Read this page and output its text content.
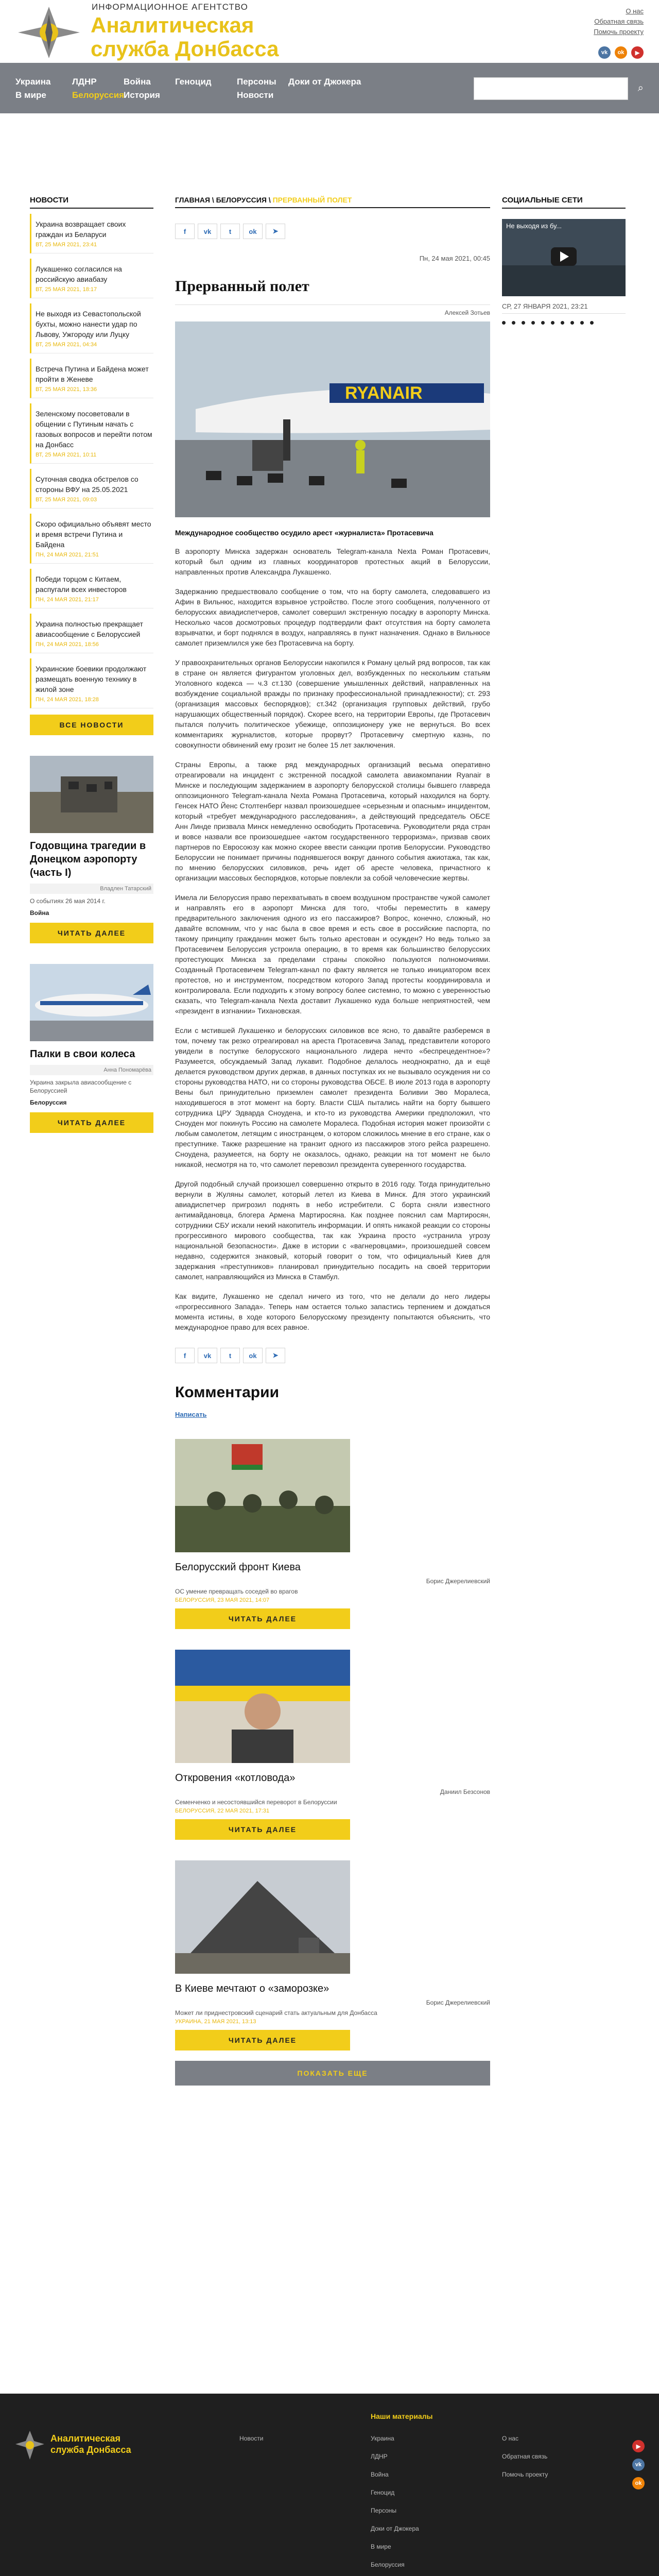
ИНФОРМАЦИОННОЕ АГЕНТСТВО
Аналитическая
служба Донбасса
О нас
Обратная связь
Помочь проекту
vk	ok	▶
Украина	ЛДНР	Война	Геноцид	Персоны	Доки от Джокера
В мире	Белоруссия
История	Новости
⌕
НОВОСТИ
Украина возвращает своих граждан из Беларуси
ВТ, 25 МАЯ 2021, 23:41
Лукашенко согласился на российскую авиабазу
ВТ, 25 МАЯ 2021, 18:17
Не выходя из Севастопольской бухты, можно нанести удар по Львову, Ужгороду или Луцку
ВТ, 25 МАЯ 2021, 04:34
Встреча Путина и Байдена может пройти в Женеве
ВТ, 25 МАЯ 2021, 13:36
Зеленскому посоветовали в общении с Путиным начать с газовых вопросов и перейти потом на Донбасс
ВТ, 25 МАЯ 2021, 10:11
Суточная сводка обстрелов со стороны ВФУ на 25.05.2021
ВТ, 25 МАЯ 2021, 09:03
Скоро официально объявят место и время встречи Путина и Байдена
ПН, 24 МАЯ 2021, 21:51
Победи торцом с Китаем, распугали всех инвесторов
ПН, 24 МАЯ 2021, 21:17
Украина полностью прекращает авиасообщение с Белоруссией
ПН, 24 МАЯ 2021, 18:56
Украинские боевики продолжают размещать военную технику в жилой зоне
ПН, 24 МАЯ 2021, 18:28
ВСЕ НОВОСТИ
Годовщина трагедии в Донецком аэропорту (часть I)
Владлен Татарский
О событиях 26 мая 2014 г.
Война
ЧИТАТЬ ДАЛЕЕ
Палки в свои колеса
Анна Пономарёва
Украина закрыла авиасообщение с Белоруссией
Белоруссия
ЧИТАТЬ ДАЛЕЕ
ГЛАВНАЯ \ БЕЛОРУССИЯ \ ПРЕРВАННЫЙ ПОЛЕТ
f	vk	t	ok	➤
Пн, 24 мая 2021, 00:45
Прерванный полет
Алексей Зотьев
RYANAIR
Международное сообщество осудило арест «журналиста» Протасевича

В аэропорту Минска задержан основатель Telegram-канала Nexta Роман Протасевич, который был одним из главных координаторов протестных акций в Белоруссии, направленных против Александра Лукашенко.

Задержанию предшествовало сообщение о том, что на борту самолета, следовавшего из Афин в Вильнюс, находится взрывное устройство. После этого сообщения, полученного от белорусских авиадиспетчеров, самолет совершил экстренную посадку в аэропорту Минска. Несколько часов досмотровых процедур подтвердили факт отсутствия на борту самолета взрывчатки, и борт поднялся в воздух, направляясь в пункт назначения. Однако в Вильнюсе самолет приземлился уже без Протасевича на борту.

У правоохранительных органов Белоруссии накопился к Роману целый ряд вопросов, так как в стране он является фигурантом уголовных дел, возбужденных по нескольким статьям Уголовного кодекса — ч.3 ст.130 (совершение умышленных действий, направленных на возбуждение социальной вражды по признаку профессиональной принадлежности); ст. 293 (организация массовых беспорядков); ст.342 (организация групповых действий, грубо нарушающих общественный порядок). Скорее всего, на территории Европы, где Протасевич пытался получить политическое убежище, оппозиционеру уже не вернуться. Во всех комментариях журналистов, которые прорвут? Протасевичу смертную казнь, по совокупности обвинений ему грозит не более 15 лет заключения.

Страны Европы, а также ряд международных организаций весьма оперативно отреагировали на инцидент с экстренной посадкой самолета авиакомпании Ryanair в Минске и последующим задержанием в аэропорту белорусской столицы бывшего главреда оппозиционного Telegram-канала Nexta Романа Протасевича, который находился на борту. Генсек НАТО Йенс Столтенберг назвал произошедшее «серьезным и опасным» инцидентом, который «требует международного расследования», а действующий председатель ОБСЕ Анн Линде призвала Минск немедленно освободить Протасевича. Руководители ряда стран и вовсе назвали все произошедшее «актом государственного терроризма», призвав своих партнеров по Евросоюзу как можно скорее ввести санкции против Белоруссии. Руководство Белоруссии не понимает причины поднявшегося вокруг данного события ажиотажа, так как, по мнению белорусских силовиков, речь идет об аресте человека, причастного к организации массовых беспорядков, которые повлекли за собой человеческие жертвы.

Имела ли Белоруссия право перехватывать в своем воздушном пространстве чужой самолет и направлять его в аэропорт Минска для того, чтобы переместить в камеру предварительного заключения одного из его пассажиров? Вопрос, конечно, сложный, но давайте вспомним, что у нас была в свое время и есть свое в российские паспорта, по такому принципу гражданин может быть только арестован и осужден? Но ведь только за Протасевичем Белоруссия устроила операцию, в то время как большинство белорусских протестующих Минска за пределами страны спокойно пользуются полномочиями. Созданный Протасевичем Telegram-канал по факту является не только инициатором всех протестов, но и инструментом, посредством которого Запад протесты координировала и контролировала. Если подходить к этому вопросу более системно, то можно с уверенностью сказать, что Telegram-канала Nexta доставит Лукашенко куда больше неприятностей, чем «президент в изгнании» Тихановская.

Если с мстившей Лукашенко и белорусских силовиков все ясно, то давайте разберемся в том, почему так резко отреагировал на ареста Протасевича Запад, представители которого увидели в поступке белорусского национального лидера нечто «беспрецедентное»? Разумеется, обсуждаемый Запад лукавит. Подобное делалось неоднократно, да и ещё делается руководством других держав, в данных поступках их не вызывало осуждения ни со стороны руководства НАТО, ни со стороны руководства ОБСЕ. В июле 2013 года в аэропорту Вены был принудительно приземлен самолет президента Боливии Эво Моралеса, находившегося в этот момент на борту. Власти США пытались найти на борту бывшего сотрудника ЦРУ Эдварда Сноудена, и кто-то из руководства Америки предположил, что Сноуден мог покинуть Россию на самолете Моралеса. Подобная история может произойти с любым самолетом, летящим с иностранцем, о котором сложилось мнение в его стране, как о преступнике. Также разрешение на транзит одного из пассажиров этого рейса разрешено. Сноудена, разумеется, на борту не оказалось, однако, реакции на тот момент не было никакой, несмотря на то, что самолет перевозил президента суверенного государства.

Другой подобный случай произошел совершенно открыто в 2016 году. Тогда принудительно вернули в Жуляны самолет, который летел из Киева в Минск. Для этого украинский авиадиспетчер пригрозил поднять в небо истребители. С борта сняли известного антимайдановца, блогера Армена Мартиросяна. Как позднее пояснил сам Мартиросян, сотрудники СБУ искали некий накопитель информации. И опять никакой реакции со стороны прогрессивного мирового сообщества, так как Украина просто «устранила угрозу национальной безопасности». Даже в истории с «вагнеровцами», произошедшей совсем недавно, содержится знаковый, который говорит о том, что официальный Киев для задержания «преступников» планировал принудительно посадить на своей территории самолет, направляющийся из Минска в Стамбул.

Как видите, Лукашенко не сделал ничего из того, что не делали до него лидеры «прогрессивного Запада». Теперь нам остается только запастись терпением и дождаться момента истины, в ходе которого Белорусскому президенту попытаются объяснить, что международное право для всех равное.

f	vk	t	ok	➤
Комментарии
Написать
Белорусский фронт Киева
Борис Джерелиевский
ОС умение превращать соседей во врагов
БЕЛОРУССИЯ, 23 МАЯ 2021, 14:07
ЧИТАТЬ ДАЛЕЕ
Откровения «котловода»
Даниил Безсонов
Семенченко и несостоявшийся переворот в Белоруссии
БЕЛОРУССИЯ, 22 МАЯ 2021, 17:31
ЧИТАТЬ ДАЛЕЕ
В Киеве мечтают о «заморозке»
Борис Джерелиевский
Может ли приднестровский сценарий стать актуальным для Донбасса
УКРАИНА, 21 МАЯ 2021, 13:13
ЧИТАТЬ ДАЛЕЕ
ПОКАЗАТЬ ЕЩЕ
СОЦИАЛЬНЫЕ СЕТИ
Не выходя из бу...
СР, 27 ЯНВАРЯ 2021, 23:21
Аналитическая
служба Донбасса
Наши материалы
Новости	Украина
ЛДНР
Война
Геноцид
Персоны
Доки от Джокера
В мире
Белоруссия
О нас
Обратная связь
Помочь проекту
▶
vk
ok
